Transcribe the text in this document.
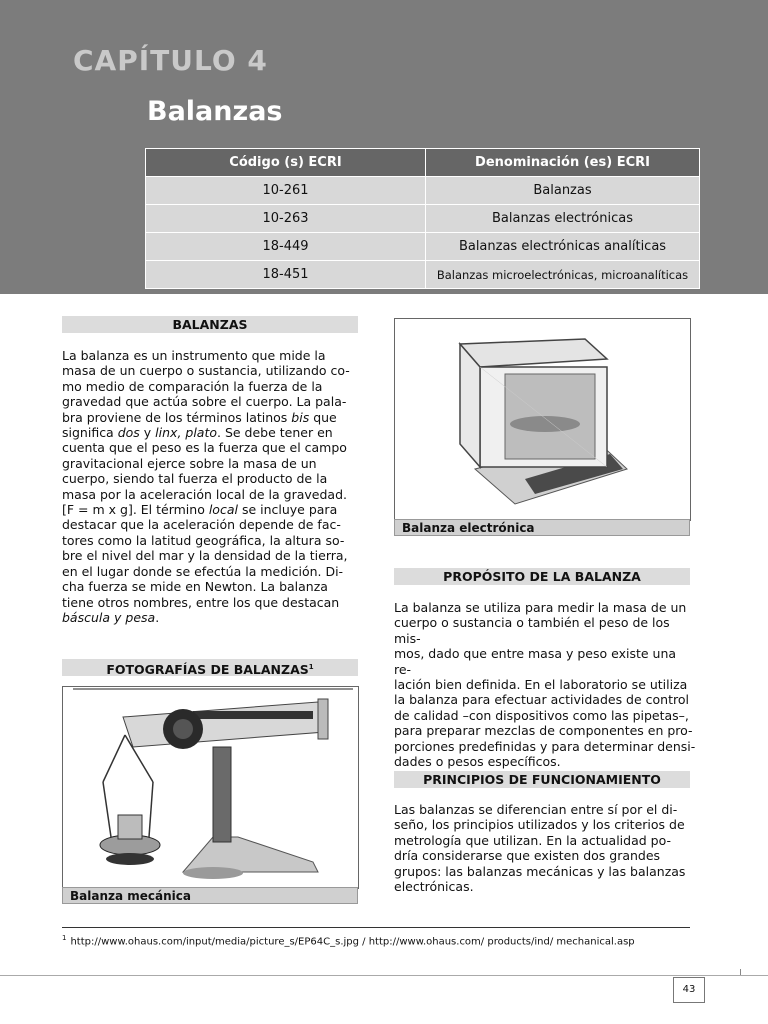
CAPÍTULO 4
Balanzas
Código (s) ECRI	Denominación (es) ECRI
10-261	Balanzas
10-263	Balanzas electrónicas
18-449	Balanzas electrónicas analíticas
18-451	Balanzas microelectrónicas, microanalíticas
BALANZAS

La balanza es un instrumento que mide la

masa de un cuerpo o sustancia, utilizando co-

mo medio de comparación la fuerza de la

gravedad que actúa sobre el cuerpo. La pala-

bra proviene de los términos latinos bis que

significa dos y linx, plato. Se debe tener en

cuenta que el peso es la fuerza que el campo

gravitacional ejerce sobre la masa de un

cuerpo, siendo tal fuerza el producto de la

masa por la aceleración local de la gravedad.

[F = m x g]. El término local se incluye para

destacar que la aceleración depende de fac-

tores como la latitud geográfica, la altura so-

bre el nivel del mar y la densidad de la tierra,

en el lugar donde se efectúa la medición. Di-

cha fuerza se mide en Newton. La balanza

tiene otros nombres, entre los que destacan

báscula y pesa.

FOTOGRAFÍAS DE BALANZAS$^1$
Balanza mecánica
Balanza electrónica
PROPÓSITO DE LA BALANZA

La balanza se utiliza para medir la masa de un

cuerpo o sustancia o también el peso de los mis-

mos, dado que entre masa y peso existe una re-

lación bien definida. En el laboratorio se utiliza

la balanza para efectuar actividades de control

de calidad –con dispositivos como las pipetas–,

para preparar mezclas de componentes en pro-

porciones predefinidas y para determinar densi-

dades o pesos específicos.

PRINCIPIOS DE FUNCIONAMIENTO

Las balanzas se diferencian entre sí por el di-

seño, los principios utilizados y los criterios de

metrología que utilizan. En la actualidad po-

dría considerarse que existen dos grandes

grupos: las balanzas mecánicas y las balanzas

electrónicas.

$^1$ http://www.ohaus.com/input/media/picture_s/EP64C_s.jpg / http://www.ohaus.com/ products/ind/ mechanical.asp
43
